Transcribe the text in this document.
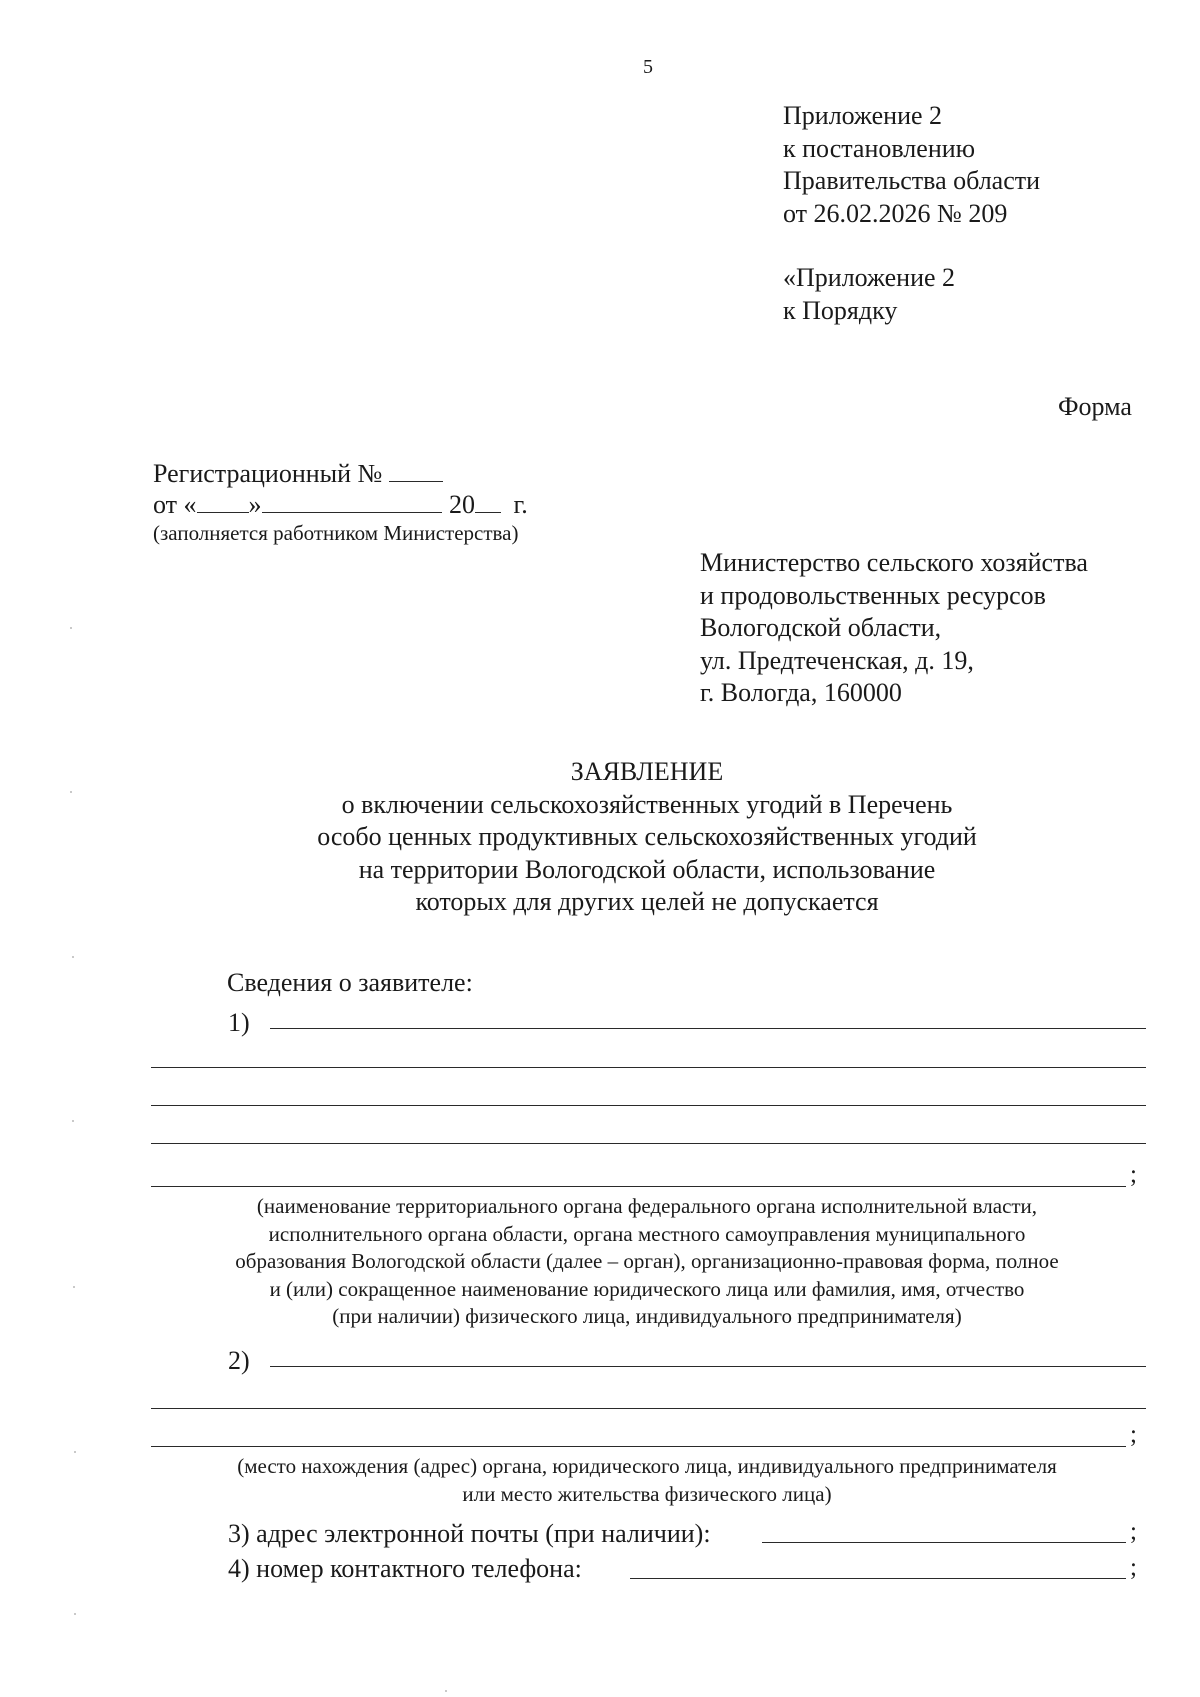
5
Приложение 2
к постановлению
Правительства области
от 26.02.2026 № 209
«Приложение 2
к Порядку
Форма
Регистрационный №
от « »	20 г.
(заполняется работником Министерства)
Министерство сельского хозяйства
и продовольственных ресурсов
Вологодской области,
ул. Предтеченская, д. 19,
г. Вологда, 160000
ЗАЯВЛЕНИЕ
о включении сельскохозяйственных угодий в Перечень
особо ценных продуктивных сельскохозяйственных угодий
на территории Вологодской области, использование
которых для других целей не допускается
Сведения о заявителе:
1)
;
(наименование территориального органа федерального органа исполнительной власти,
исполнительного органа области, органа местного самоуправления муниципального
образования Вологодской области (далее – орган), организационно-правовая форма, полное
и (или) сокращенное наименование юридического лица или фамилия, имя, отчество
(при наличии) физического лица, индивидуального предпринимателя)
2)
;
(место нахождения (адрес) органа, юридического лица, индивидуального предпринимателя
или место жительства физического лица)
3) адрес электронной почты (при наличии):	;
4) номер контактного телефона:	;
